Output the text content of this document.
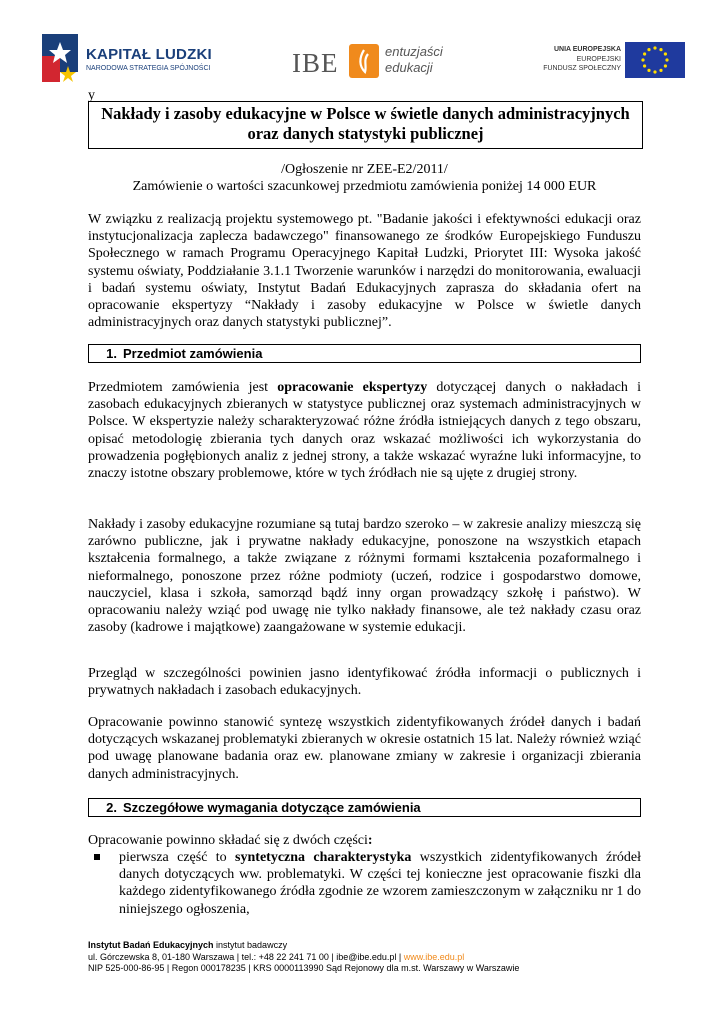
KAPITAŁ LUDZKI
NARODOWA STRATEGIA SPÓJNOŚCI	IBE	entuzjaści
edukacji
UNIA EUROPEJSKA
EUROPEJSKI
FUNDUSZ SPOŁECZNY
y
Nakłady i zasoby edukacyjne w Polsce w świetle danych administracyjnych oraz danych statystyki publicznej
/Ogłoszenie nr ZEE-E2/2011/
Zamówienie o wartości szacunkowej przedmiotu zamówienia poniżej 14 000 EUR
W związku z realizacją projektu systemowego pt. "Badanie jakości i efektywności edukacji oraz instytucjonalizacja zaplecza badawczego" finansowanego ze środków Europejskiego Funduszu Społecznego w ramach Programu Operacyjnego Kapitał Ludzki, Priorytet III: Wysoka jakość systemu oświaty, Poddziałanie 3.1.1 Tworzenie warunków i narzędzi do monitorowania, ewaluacji i badań systemu oświaty, Instytut Badań Edukacyjnych zaprasza do składania ofert na opracowanie ekspertyzy “Nakłady i zasoby edukacyjne w Polsce w świetle danych administracyjnych oraz danych statystyki publicznej”.
1. Przedmiot zamówienia
Przedmiotem zamówienia jest opracowanie ekspertyzy dotyczącej danych o nakładach i zasobach edukacyjnych zbieranych w statystyce publicznej oraz systemach administracyjnych w Polsce. W ekspertyzie należy scharakteryzować różne źródła istniejących danych z tego obszaru, opisać metodologię zbierania tych danych oraz wskazać możliwości ich wykorzystania do prowadzenia pogłębionych analiz z jednej strony, a także wskazać wyraźne luki informacyjne, to znaczy istotne obszary problemowe, które w tych źródłach nie są ujęte z drugiej strony.
Nakłady i zasoby edukacyjne rozumiane są tutaj bardzo szeroko – w zakresie analizy mieszczą się zarówno publiczne, jak i prywatne nakłady edukacyjne, ponoszone na wszystkich etapach kształcenia formalnego, a także związane z różnymi formami kształcenia pozaformalnego i nieformalnego, ponoszone przez różne podmioty (uczeń, rodzice i gospodarstwo domowe, nauczyciel, klasa i szkoła, samorząd bądź inny organ prowadzący szkołę i państwo). W opracowaniu należy wziąć pod uwagę nie tylko nakłady finansowe, ale też nakłady czasu oraz zasoby (kadrowe i majątkowe) zaangażowane w systemie edukacji.
Przegląd w szczególności powinien jasno identyfikować źródła informacji o publicznych i prywatnych nakładach i zasobach edukacyjnych.
Opracowanie powinno stanowić syntezę wszystkich zidentyfikowanych źródeł danych i badań dotyczących wskazanej problematyki zbieranych w okresie ostatnich 15 lat. Należy również wziąć pod uwagę planowane badania oraz ew. planowane zmiany w zakresie i organizacji zbierania danych administracyjnych.
2. Szczegółowe wymagania dotyczące zamówienia
Opracowanie powinno składać się z dwóch części:
pierwsza część to syntetyczna charakterystyka wszystkich zidentyfikowanych źródeł danych dotyczących ww. problematyki. W części tej konieczne jest opracowanie fiszki dla każdego zidentyfikowanego źródła zgodnie ze wzorem zamieszczonym w załączniku nr 1 do niniejszego ogłoszenia,
Instytut Badań Edukacyjnych instytut badawczy
ul. Górczewska 8, 01-180 Warszawa | tel.: +48 22 241 71 00 | ibe@ibe.edu.pl | www.ibe.edu.pl
NIP 525-000-86-95 | Regon 000178235 | KRS 0000113990 Sąd Rejonowy dla m.st. Warszawy w Warszawie
